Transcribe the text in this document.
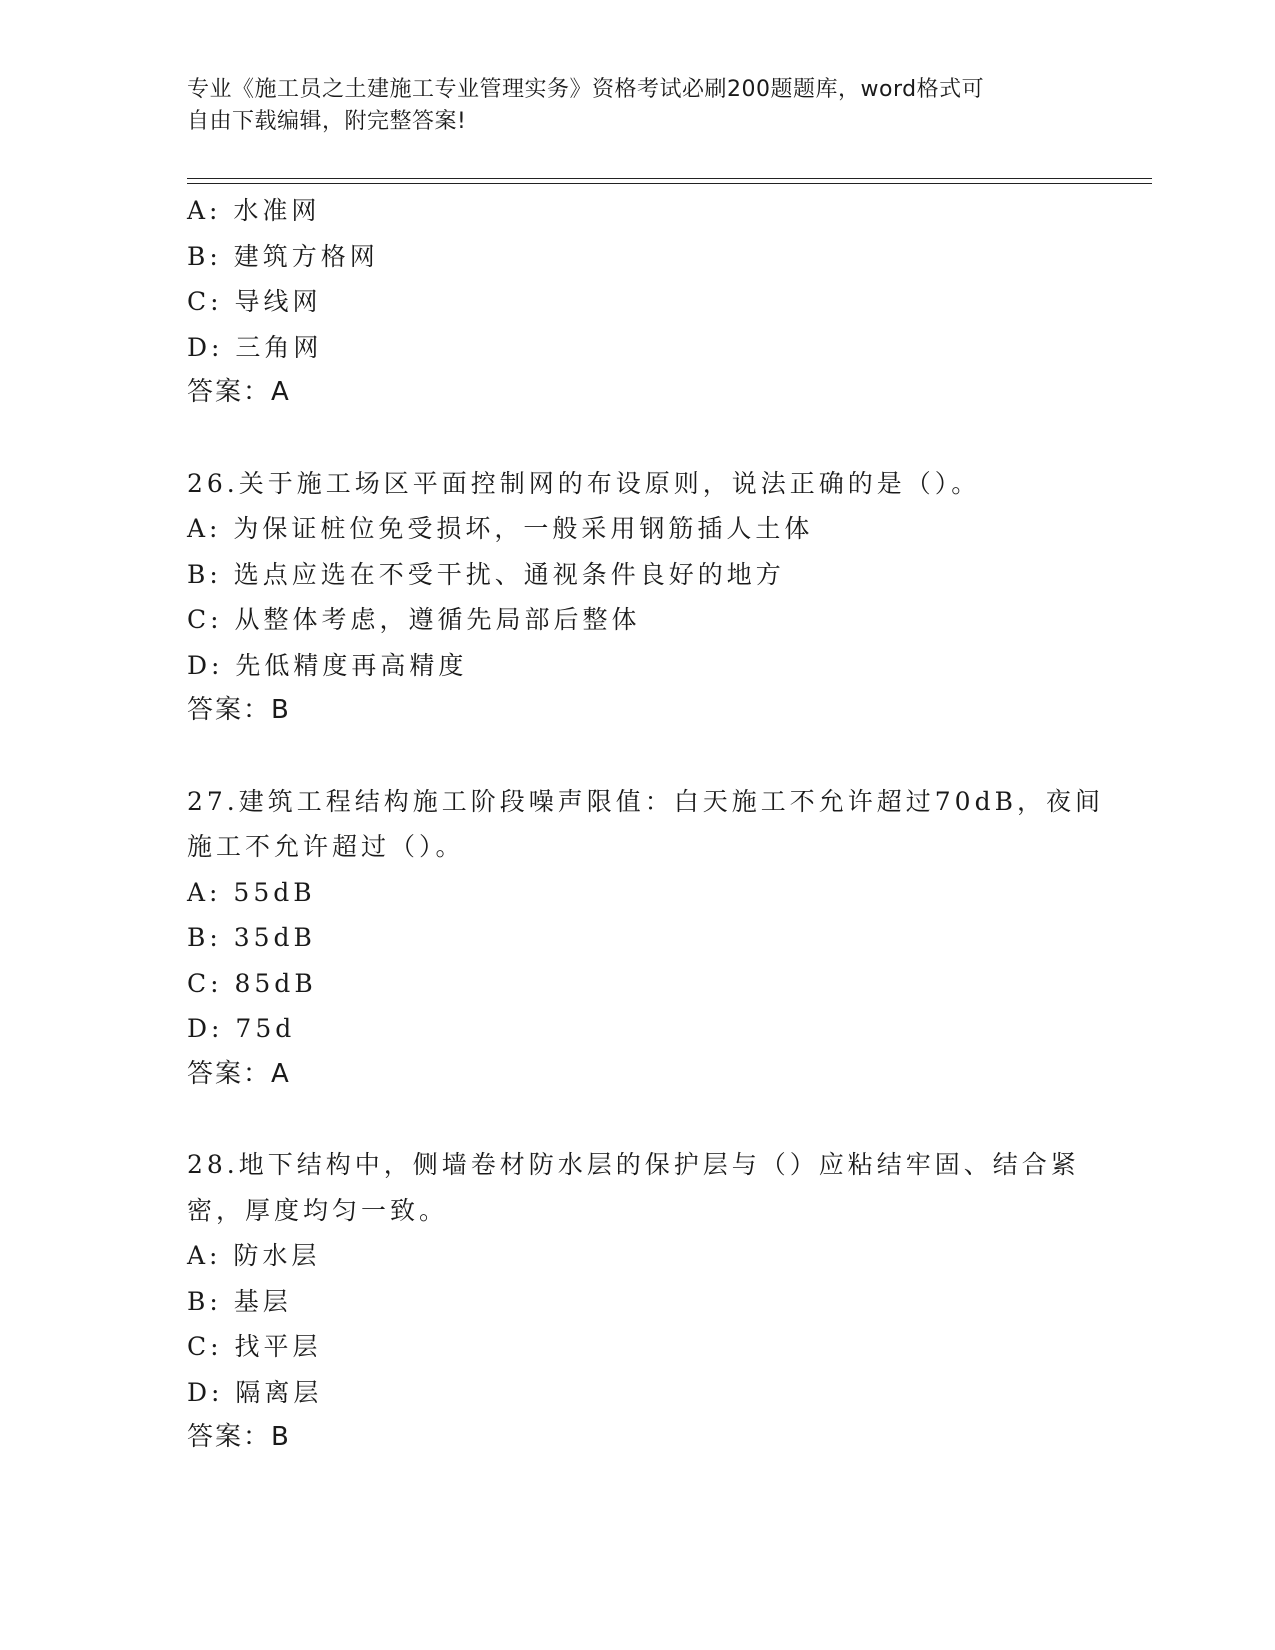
专业《施工员之土建施工专业管理实务》资格考试必刷200题题库，word格式可
自由下载编辑，附完整答案!
A: 水准网
B: 建筑方格网
C: 导线网
D: 三角网
答案：A
26.关于施工场区平面控制网的布设原则，说法正确的是（）。
A: 为保证桩位免受损坏，一般采用钢筋插人土体
B: 选点应选在不受干扰、通视条件良好的地方
C: 从整体考虑，遵循先局部后整体
D: 先低精度再高精度
答案：B
27.建筑工程结构施工阶段噪声限值：白天施工不允许超过70dB，夜间
施工不允许超过（）。
A: 55dB
B: 35dB
C: 85dB
D: 75d
答案：A
28.地下结构中，侧墙卷材防水层的保护层与（）应粘结牢固、结合紧
密，厚度均匀一致。
A: 防水层
B: 基层
C: 找平层
D: 隔离层
答案：B
